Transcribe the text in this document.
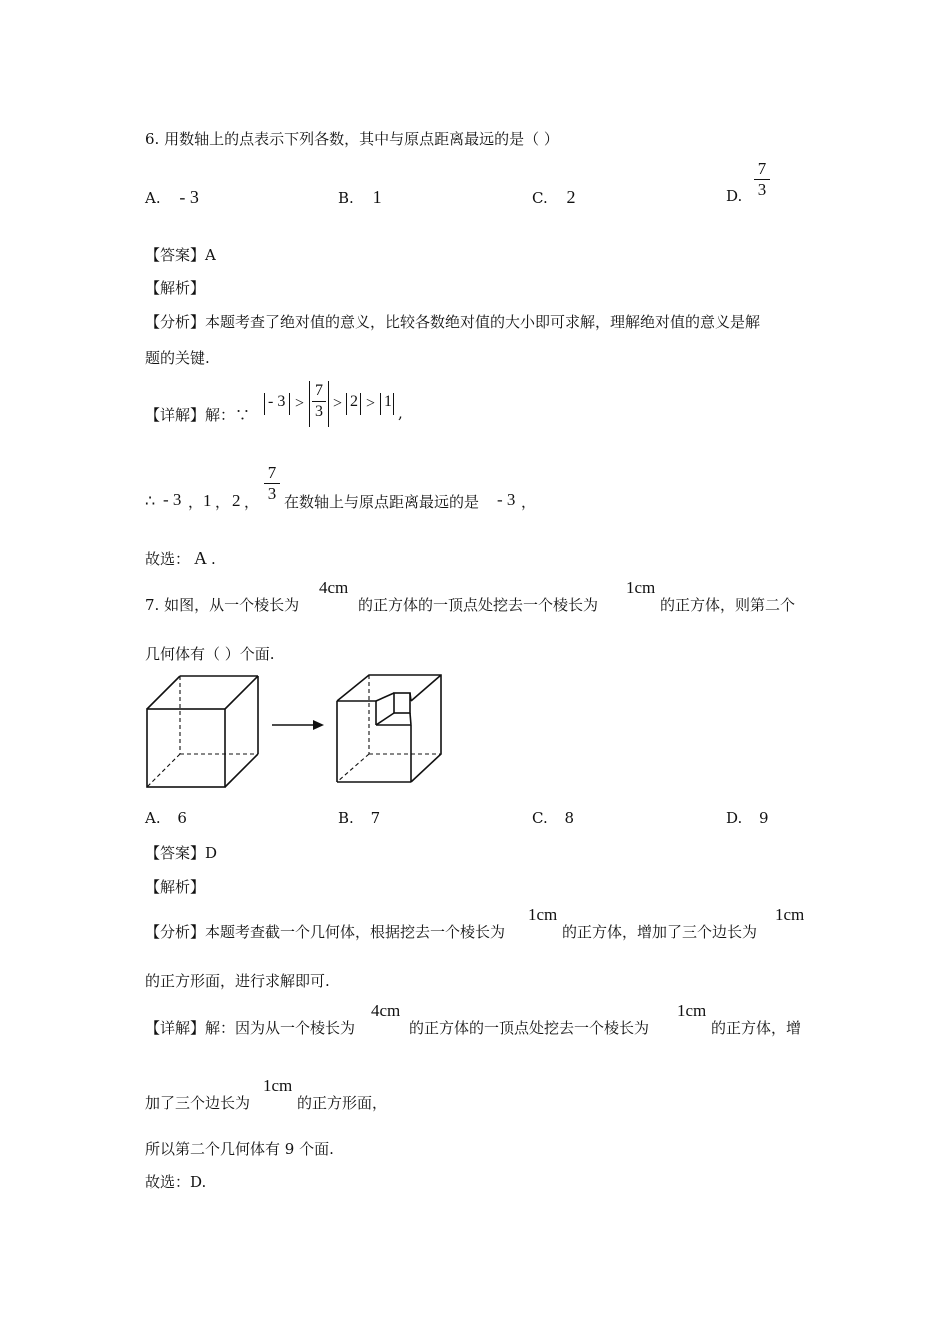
6. 用数轴上的点表示下列各数，其中与原点距离最远的是（ ）
A. - 3	B. 1	C. 2	D.
7
3
【答案】A
【解析】
【分析】本题考查了绝对值的意义，比较各数绝对值的大小即可求解，理解绝对值的意义是解
题的关键.
【详解】解：∵
- 3 >
7
3 > 2 > 1
,
∴ - 3 ， 1 ， 2 ，
7
3 在数轴上与原点距离最远的是 - 3 ，
故选： A .
7. 如图，从一个棱长为
4cm
的正方体的一顶点处挖去一个棱长为
1cm
的正方体，则第二个
几何体有（ ）个面.
A. 6	B. 7	C. 8	D. 9
【答案】D
【解析】
【分析】本题考查截一个几何体，根据挖去一个棱长为
1cm
的正方体，增加了三个边长为
1cm
的正方形面，进行求解即可.
【详解】解：因为从一个棱长为
4cm
的正方体的一顶点处挖去一个棱长为
1cm
的正方体，增
加了三个边长为
1cm
的正方形面，
所以第二个几何体有 9 个面.
故选：D.
